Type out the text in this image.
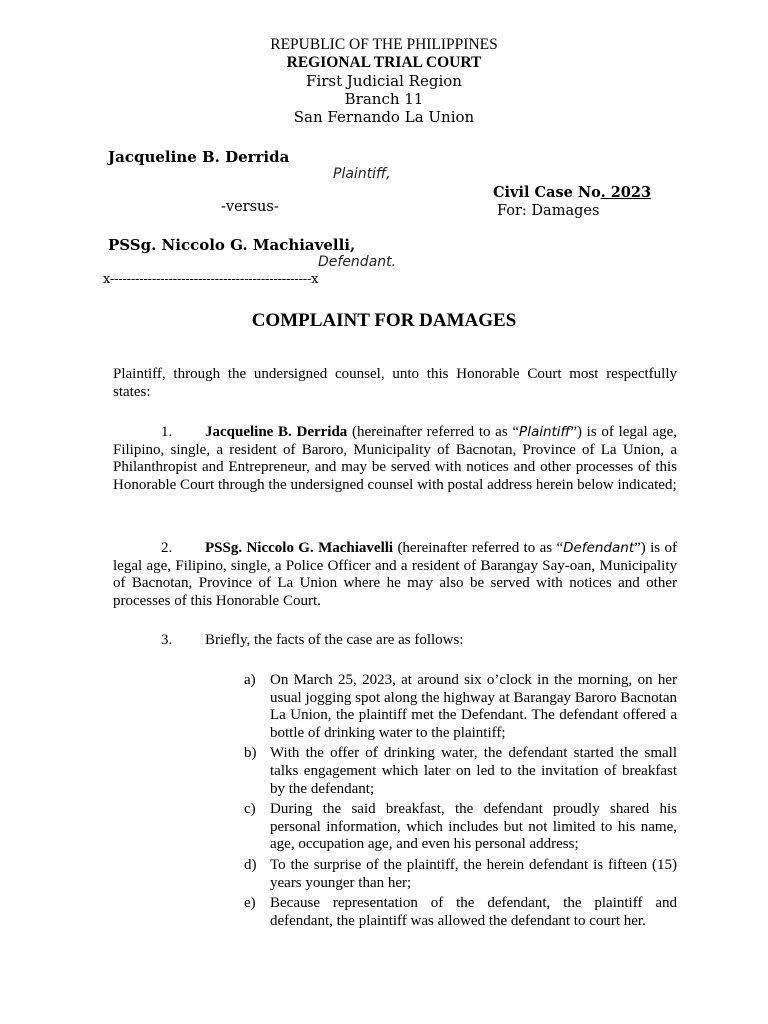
REPUBLIC OF THE PHILIPPINES
REGIONAL TRIAL COURT
First Judicial Region
Branch 11
San Fernando La Union
Jacqueline B. Derrida
Plaintiff,
Civil Case No. 2023
-versus-	For: Damages
PSSg. Niccolo G. Machiavelli,
Defendant.
x------------------------------------------------x
COMPLAINT FOR DAMAGES
Plaintiff, through the undersigned counsel, unto this Honorable Court most respectfully states:
1. Jacqueline B. Derrida (hereinafter referred to as “Plaintiff”) is of legal age, Filipino, single, a resident of Baroro, Municipality of Bacnotan, Province of La Union, a Philanthropist and Entrepreneur, and may be served with notices and other processes of this Honorable Court through the undersigned counsel with postal address herein below indicated;
2. PSSg. Niccolo G. Machiavelli (hereinafter referred to as “Defendant”) is of legal age, Filipino, single, a Police Officer and a resident of Barangay Say-oan, Municipality of Bacnotan, Province of La Union where he may also be served with notices and other processes of this Honorable Court.
3. Briefly, the facts of the case are as follows:
a) On March 25, 2023, at around six o’clock in the morning, on her usual jogging spot along the highway at Barangay Baroro Bacnotan La Union, the plaintiff met the Defendant. The defendant offered a bottle of drinking water to the plaintiff;
b) With the offer of drinking water, the defendant started the small talks engagement which later on led to the invitation of breakfast by the defendant;
c) During the said breakfast, the defendant proudly shared his personal information, which includes but not limited to his name, age, occupation age, and even his personal address;
d) To the surprise of the plaintiff, the herein defendant is fifteen (15) years younger than her;
e) Because representation of the defendant, the plaintiff and defendant, the plaintiff was allowed the defendant to court her.
